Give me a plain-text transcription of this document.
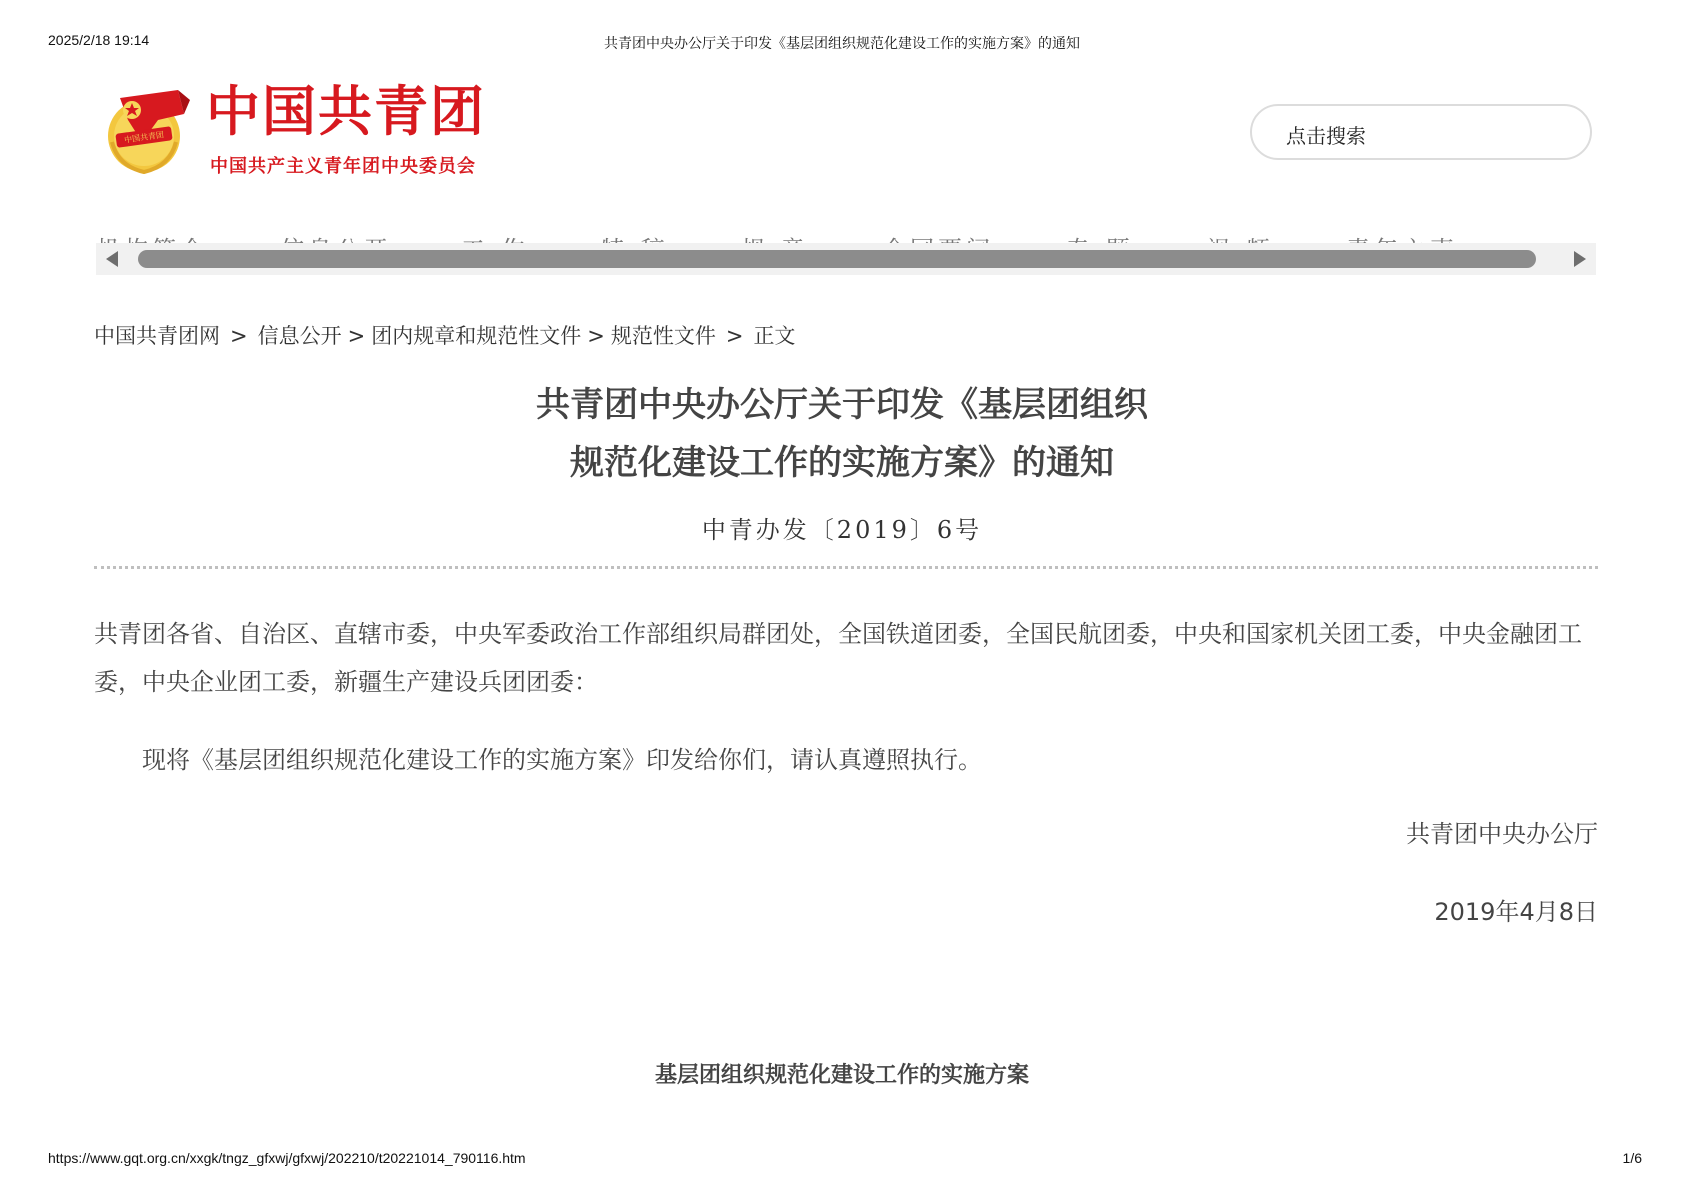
2025/2/18 19:14	共青团中央办公厅关于印发《基层团组织规范化建设工作的实施方案》的通知
中国共青团 中国共青团
中国共产主义青年团中央委员会
点击搜索
中国共青团网 > 信息公开 > 团内规章和规范性文件 > 规范性文件 > 正文
共青团中央办公厅关于印发《基层团组织
规范化建设工作的实施方案》的通知
中青办发〔2019〕6号
共青团各省、自治区、直辖市委，中央军委政治工作部组织局群团处，全国铁道团委，全国民航团委，中央和国家机关团工委，中央金融团工委，中央企业团工委，新疆生产建设兵团团委：
现将《基层团组织规范化建设工作的实施方案》印发给你们，请认真遵照执行。
共青团中央办公厅
2019年4月8日
基层团组织规范化建设工作的实施方案
https://www.gqt.org.cn/xxgk/tngz_gfxwj/gfxwj/202210/t20221014_790116.htm	1/6
